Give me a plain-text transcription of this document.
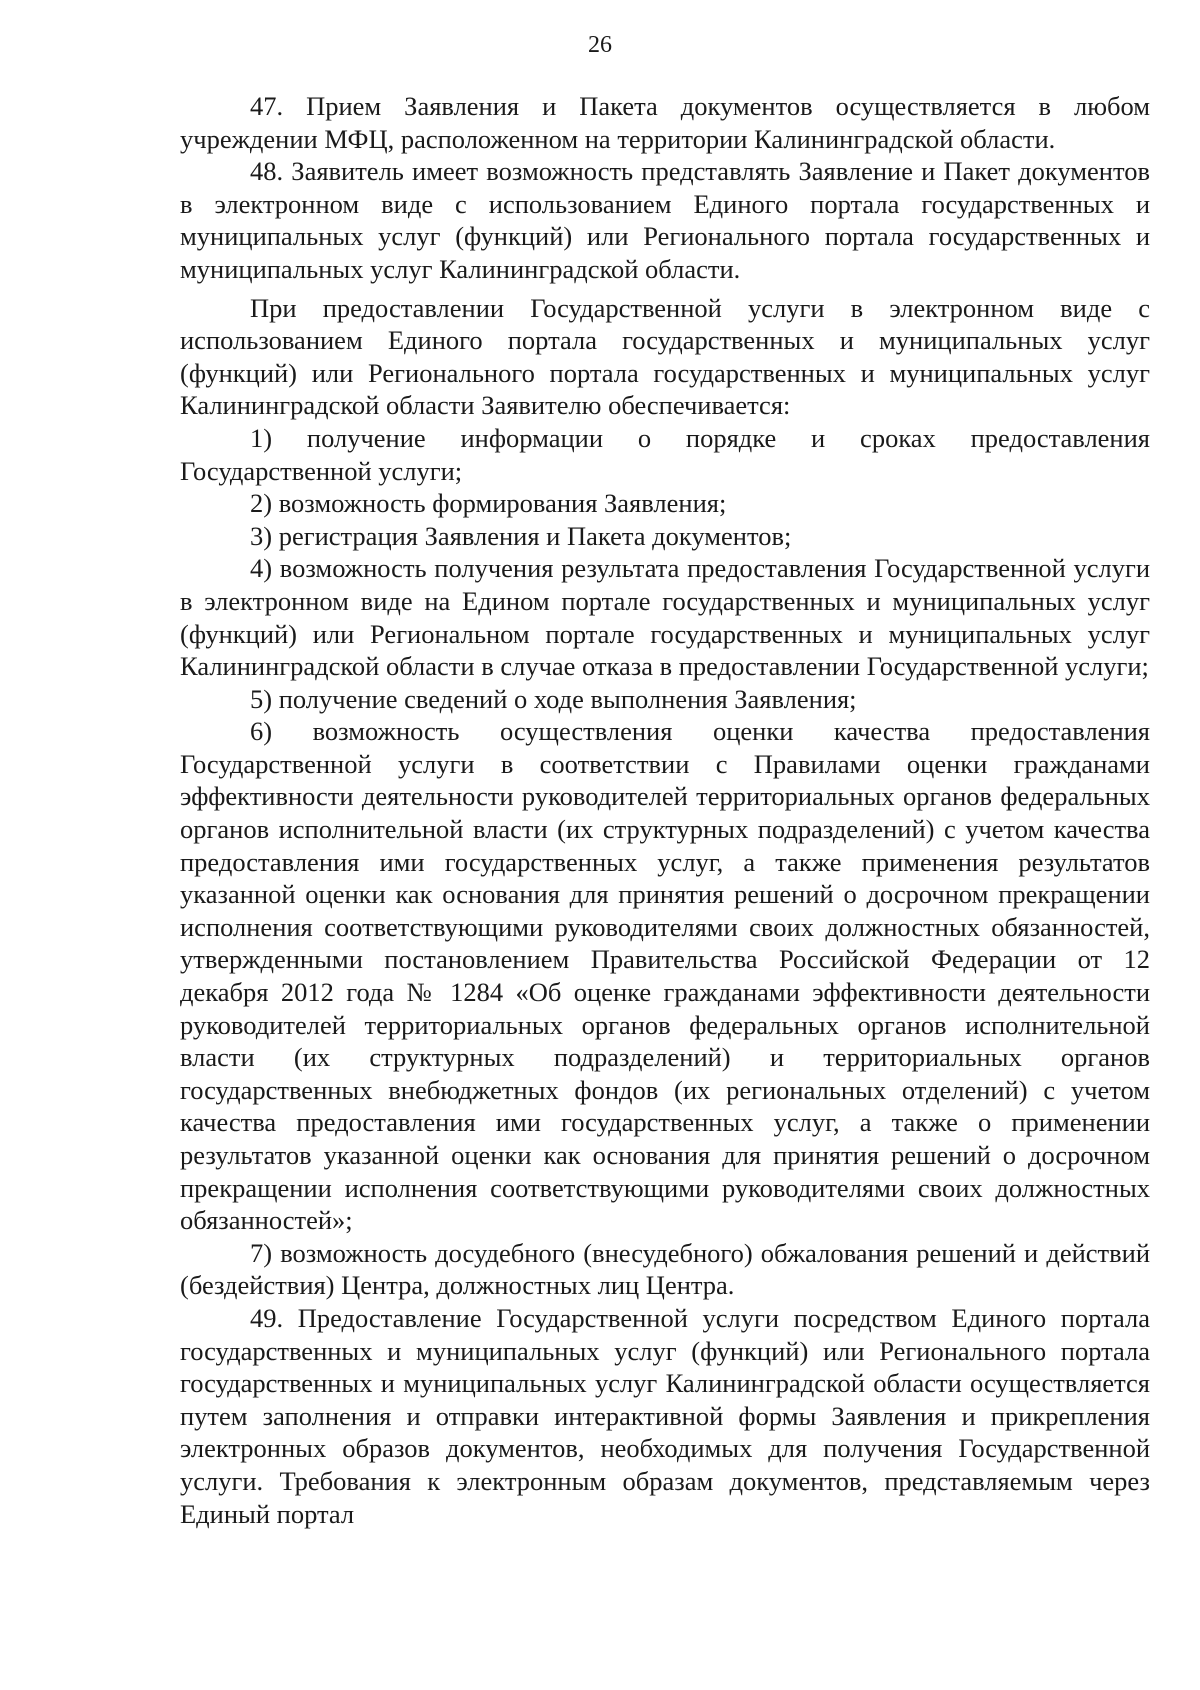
26

47. Прием Заявления и Пакета документов осуществляется в любом учреждении МФЦ, расположенном на территории Калининградской области.

48. Заявитель имеет возможность представлять Заявление и Пакет документов в электронном виде с использованием Единого портала государственных и муниципальных услуг (функций) или Регионального портала государственных и муниципальных услуг Калининградской области.

При предоставлении Государственной услуги в электронном виде с использованием Единого портала государственных и муниципальных услуг (функций) или Регионального портала государственных и муниципальных услуг Калининградской области Заявителю обеспечивается:

1) получение информации о порядке и сроках предоставления Государственной услуги;

2) возможность формирования Заявления;

3) регистрация Заявления и Пакета документов;

4) возможность получения результата предоставления Государственной услуги в электронном виде на Едином портале государственных и муниципальных услуг (функций) или Региональном портале государственных и муниципальных услуг Калининградской области в случае отказа в предоставлении Государственной услуги;

5) получение сведений о ходе выполнения Заявления;

6) возможность осуществления оценки качества предоставления Государственной услуги в соответствии с Правилами оценки гражданами эффективности деятельности руководителей территориальных органов федеральных органов исполнительной власти (их структурных подразделений) с учетом качества предоставления ими государственных услуг, а также применения результатов указанной оценки как основания для принятия решений о досрочном прекращении исполнения соответствующими руководителями своих должностных обязанностей, утвержденными постановлением Правительства Российской Федерации от 12 декабря 2012 года № 1284 «Об оценке гражданами эффективности деятельности руководителей территориальных органов федеральных органов исполнительной власти (их структурных подразделений) и территориальных органов государственных внебюджетных фондов (их региональных отделений) с учетом качества предоставления ими государственных услуг, а также о применении результатов указанной оценки как основания для принятия решений о досрочном прекращении исполнения соответствующими руководителями своих должностных обязанностей»;

7) возможность досудебного (внесудебного) обжалования решений и действий (бездействия) Центра, должностных лиц Центра.

49. Предоставление Государственной услуги посредством Единого портала государственных и муниципальных услуг (функций) или Регионального портала государственных и муниципальных услуг Калининградской области осуществляется путем заполнения и отправки интерактивной формы Заявления и прикрепления электронных образов документов, необходимых для получения Государственной услуги. Требования к электронным образам документов, представляемым через Единый портал
